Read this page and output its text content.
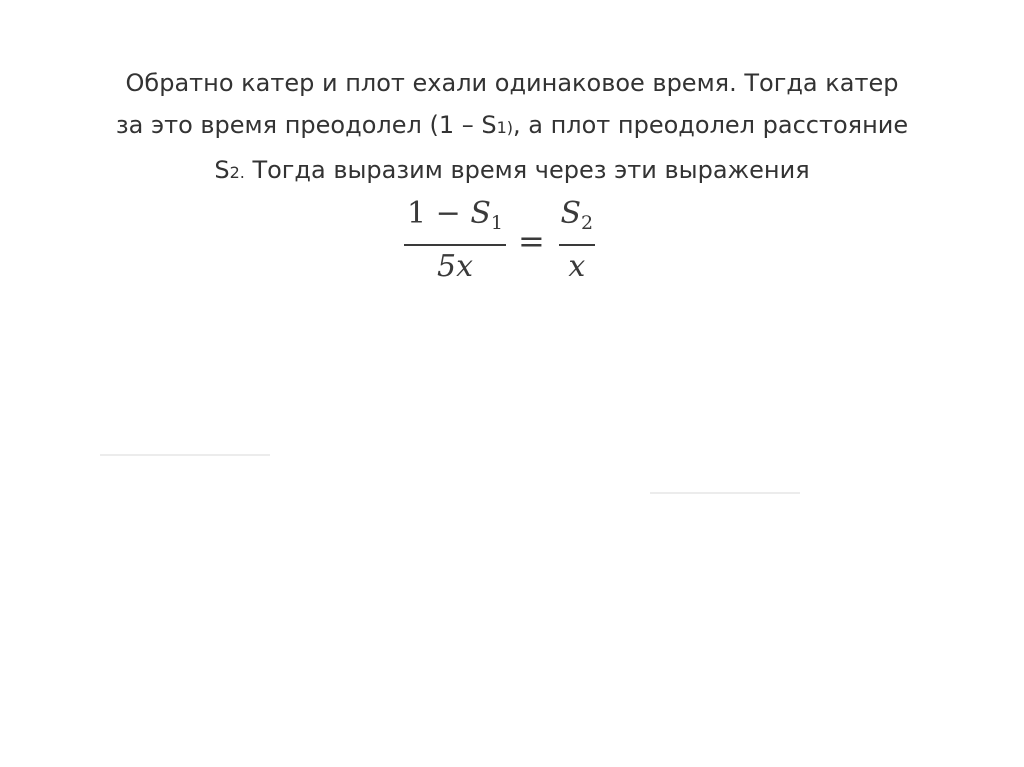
Обратно катер и плот ехали одинаковое время. Тогда катер
за это время преодолел (1 – S1), а плот преодолел расстояние
S2. Тогда выразим время через эти выражения
$\frac{1 - S_1}{5x} = \frac{S_2}{x}$
